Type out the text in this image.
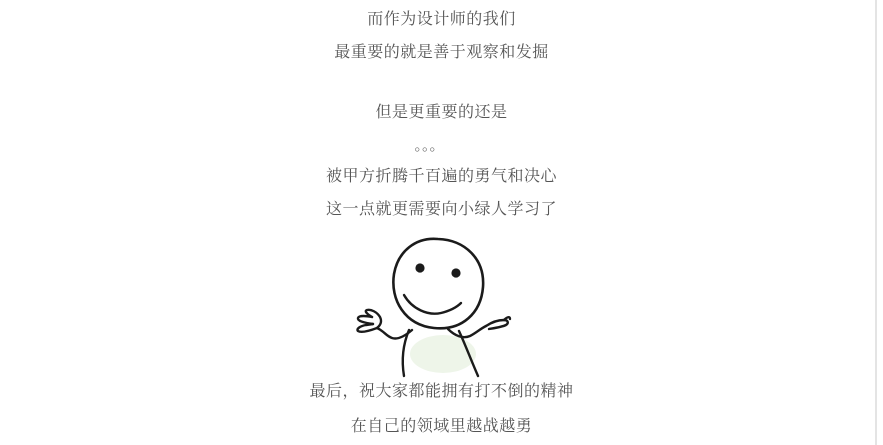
而作为设计师的我们
最重要的就是善于观察和发掘
但是更重要的还是
。。。
被甲方折腾千百遍的勇气和决心
这一点就更需要向小绿人学习了
最后，祝大家都能拥有打不倒的精神
在自己的领域里越战越勇
